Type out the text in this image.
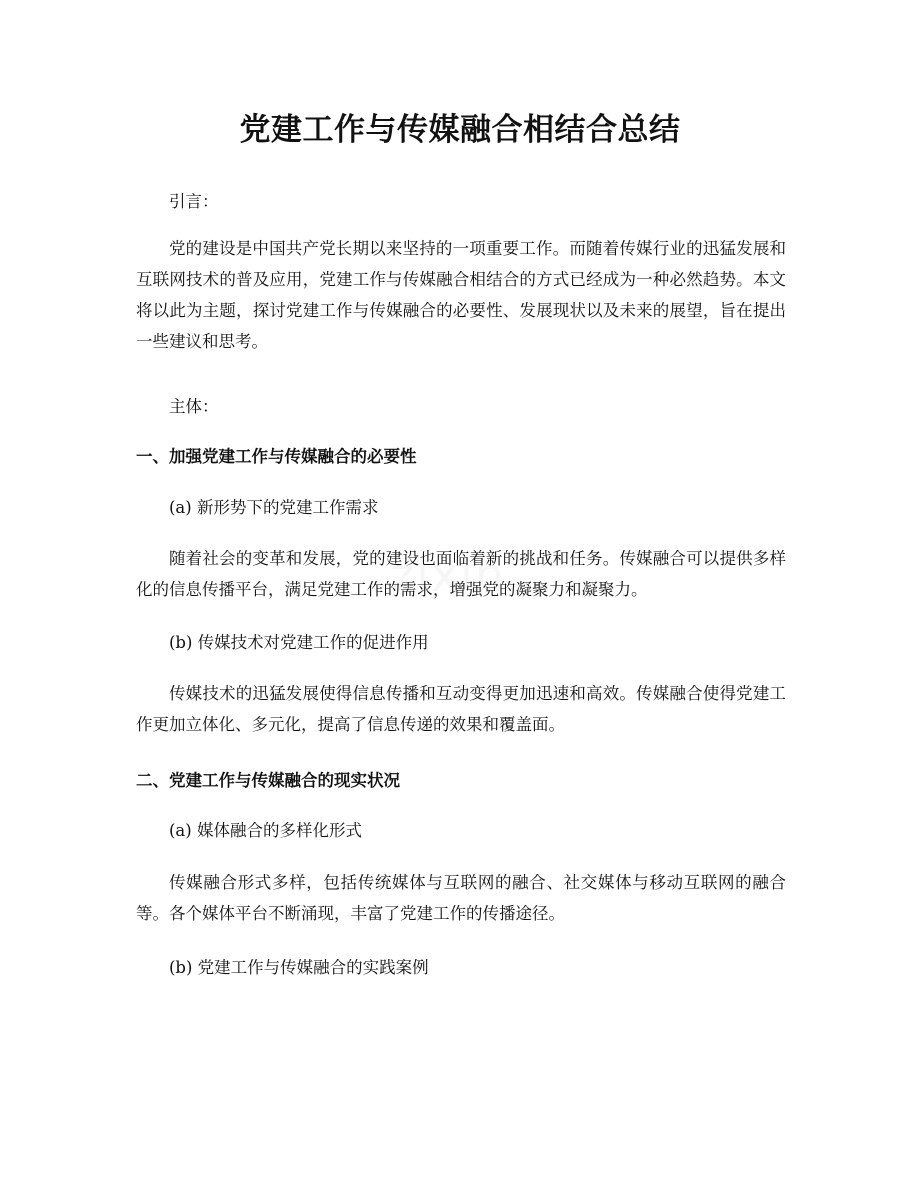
党建工作与传媒融合相结合总结

引言：

党的建设是中国共产党长期以来坚持的一项重要工作。而随着传媒行业的迅猛发展和互联网技术的普及应用，党建工作与传媒融合相结合的方式已经成为一种必然趋势。本文将以此为主题，探讨党建工作与传媒融合的必要性、发展现状以及未来的展望，旨在提出一些建议和思考。

主体：

一、加强党建工作与传媒融合的必要性

(a) 新形势下的党建工作需求

随着社会的变革和发展，党的建设也面临着新的挑战和任务。传媒融合可以提供多样化的信息传播平台，满足党建工作的需求，增强党的凝聚力和凝聚力。

(b) 传媒技术对党建工作的促进作用

传媒技术的迅猛发展使得信息传播和互动变得更加迅速和高效。传媒融合使得党建工作更加立体化、多元化，提高了信息传递的效果和覆盖面。

二、党建工作与传媒融合的现实状况

(a) 媒体融合的多样化形式

传媒融合形式多样，包括传统媒体与互联网的融合、社交媒体与移动互联网的融合等。各个媒体平台不断涌现，丰富了党建工作的传播途径。

(b) 党建工作与传媒融合的实践案例
